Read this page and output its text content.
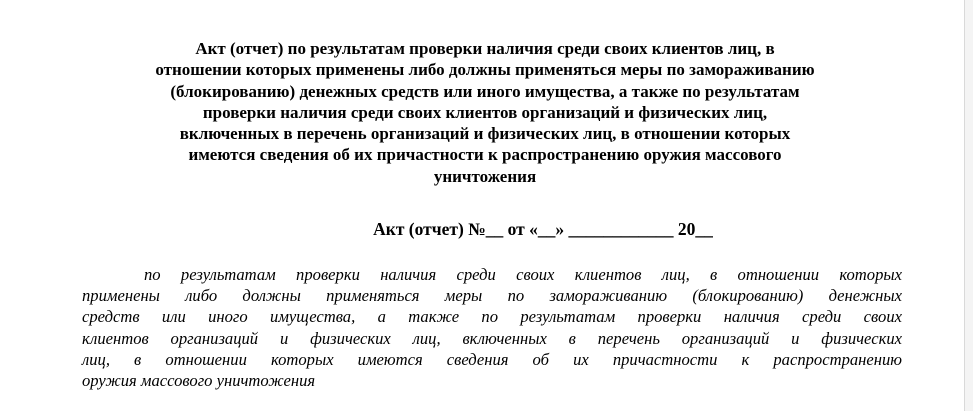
Акт (отчет) по результатам проверки наличия среди своих клиентов лиц, в
отношении которых применены либо должны применяться меры по замораживанию
(блокированию) денежных средств или иного имущества, а также по результатам
проверки наличия среди своих клиентов организаций и физических лиц,
включенных в перечень организаций и физических лиц, в отношении которых
имеются сведения об их причастности к распространению оружия массового
уничтожения
Акт (отчет) №__ от «__» ____________ 20__
по результатам проверки наличия среди своих клиентов лиц, в отношении которых
применены либо должны применяться меры по замораживанию (блокированию) денежных
средств или иного имущества, а также по результатам проверки наличия среди своих
клиентов организаций и физических лиц, включенных в перечень организаций и физических
лиц, в отношении которых имеются сведения об их причастности к распространению
оружия массового уничтожения
